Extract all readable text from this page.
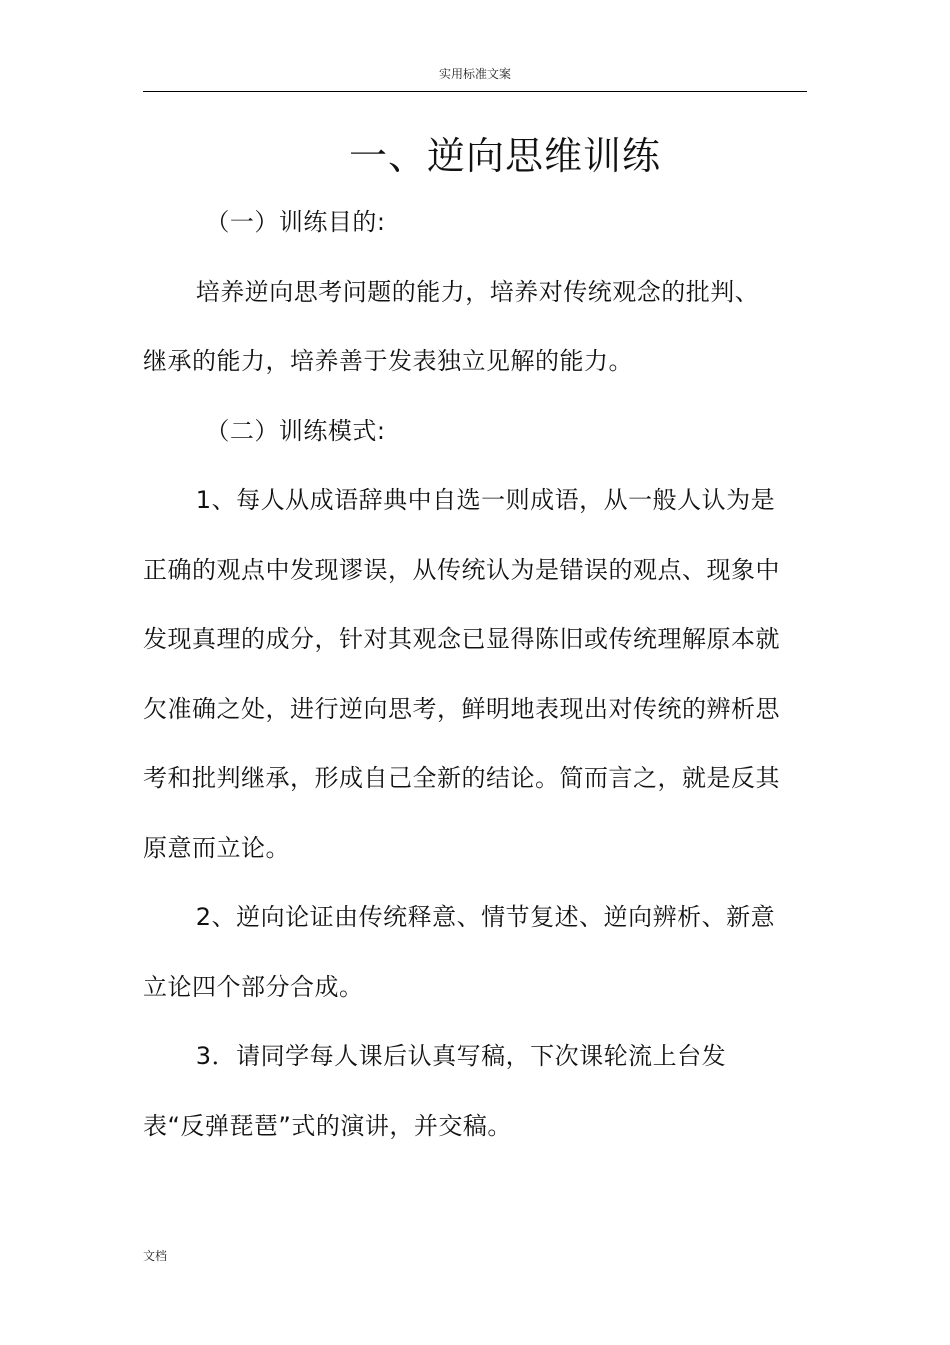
实用标准文案
一、逆向思维训练

（一）训练目的:

培养逆向思考问题的能力，培养对传统观念的批判、继承的能力，培养善于发表独立见解的能力。

（二）训练模式:

1、每人从成语辞典中自选一则成语，从一般人认为是正确的观点中发现谬误，从传统认为是错误的观点、现象中发现真理的成分，针对其观念已显得陈旧或传统理解原本就欠准确之处，进行逆向思考，鲜明地表现出对传统的辨析思考和批判继承，形成自己全新的结论。简而言之，就是反其原意而立论。

2、逆向论证由传统释意、情节复述、逆向辨析、新意立论四个部分合成。

3．请同学每人课后认真写稿，下次课轮流上台发表“反弹琵琶”式的演讲，并交稿。

文档
